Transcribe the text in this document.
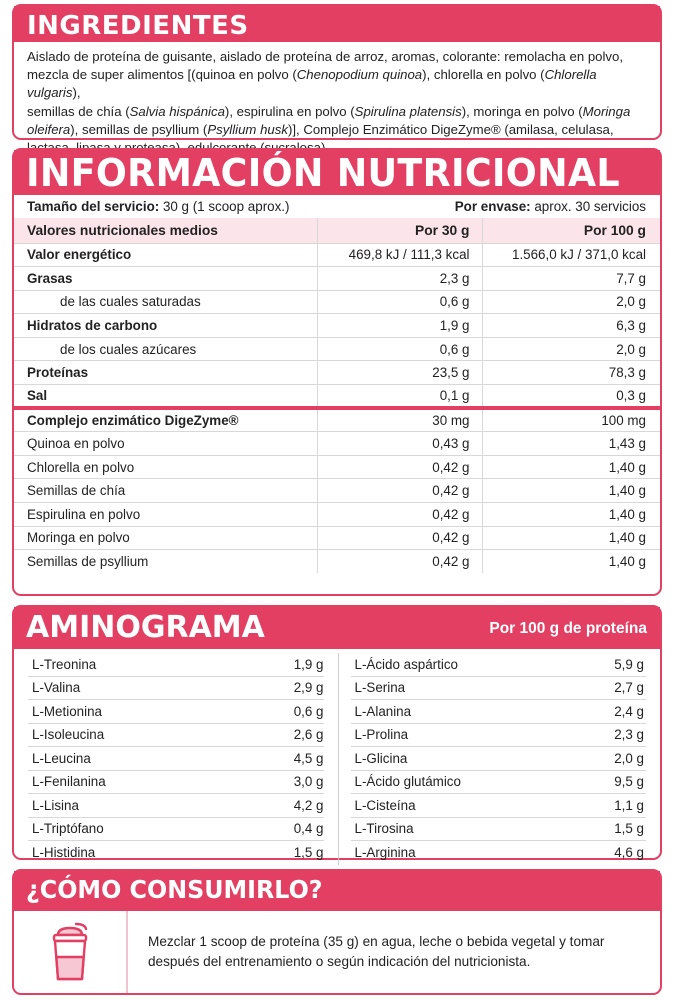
INGREDIENTES
Aislado de proteína de guisante, aislado de proteína de arroz, aromas, colorante: remolacha en polvo,
mezcla de super alimentos [(quinoa en polvo (Chenopodium quinoa), chlorella en polvo (Chlorella vulgaris),
semillas de chía (Salvia hispánica), espirulina en polvo (Spirulina platensis), moringa en polvo (Moringa
oleifera), semillas de psyllium (Psyllium husk)], Complejo Enzimático DigeZyme® (amilasa, celulasa,

INFORMACIÓN NUTRICIONAL
Tamaño del servicio: 30 g (1 scoop aprox.)	Por envase: aprox. 30 servicios
Valores nutricionales medios	Por 30 g	Por 100 g
Valor energético	469,8 kJ / 111,3 kcal	1.566,0 kJ / 371,0 kcal
Grasas	2,3 g	7,7 g
de las cuales saturadas	0,6 g	2,0 g
Hidratos de carbono	1,9 g	6,3 g
de los cuales azúcares	0,6 g	2,0 g
Proteínas	23,5 g	78,3 g
Sal	0,1 g	0,3 g
Complejo enzimático DigeZyme®	30 mg	100 mg
Quinoa en polvo	0,43 g	1,43 g
Chlorella en polvo	0,42 g	1,40 g
Semillas de chía	0,42 g	1,40 g
Espirulina en polvo	0,42 g	1,40 g
Moringa en polvo	0,42 g	1,40 g
Semillas de psyllium	0,42 g	1,40 g
AMINOGRAMA	Por 100 g de proteína
L-Treonina	1,9 g
L-Valina	2,9 g
L-Metionina	0,6 g
L-Isoleucina	2,6 g
L-Leucina	4,5 g
L-Fenilanina	3,0 g
L-Lisina	4,2 g
L-Triptófano	0,4 g
L-Histidina	1,5 g
L-Ácido aspártico	5,9 g
L-Serina	2,7 g
L-Alanina	2,4 g
L-Prolina	2,3 g
L-Glicina	2,0 g
L-Ácido glutámico	9,5 g
L-Cisteína	1,1 g
L-Tirosina	1,5 g
L-Arginina	4,6 g
¿CÓMO CONSUMIRLO?
Mezclar 1 scoop de proteína (35 g) en agua, leche o bebida vegetal y tomar
después del entrenamiento o según indicación del nutricionista.
